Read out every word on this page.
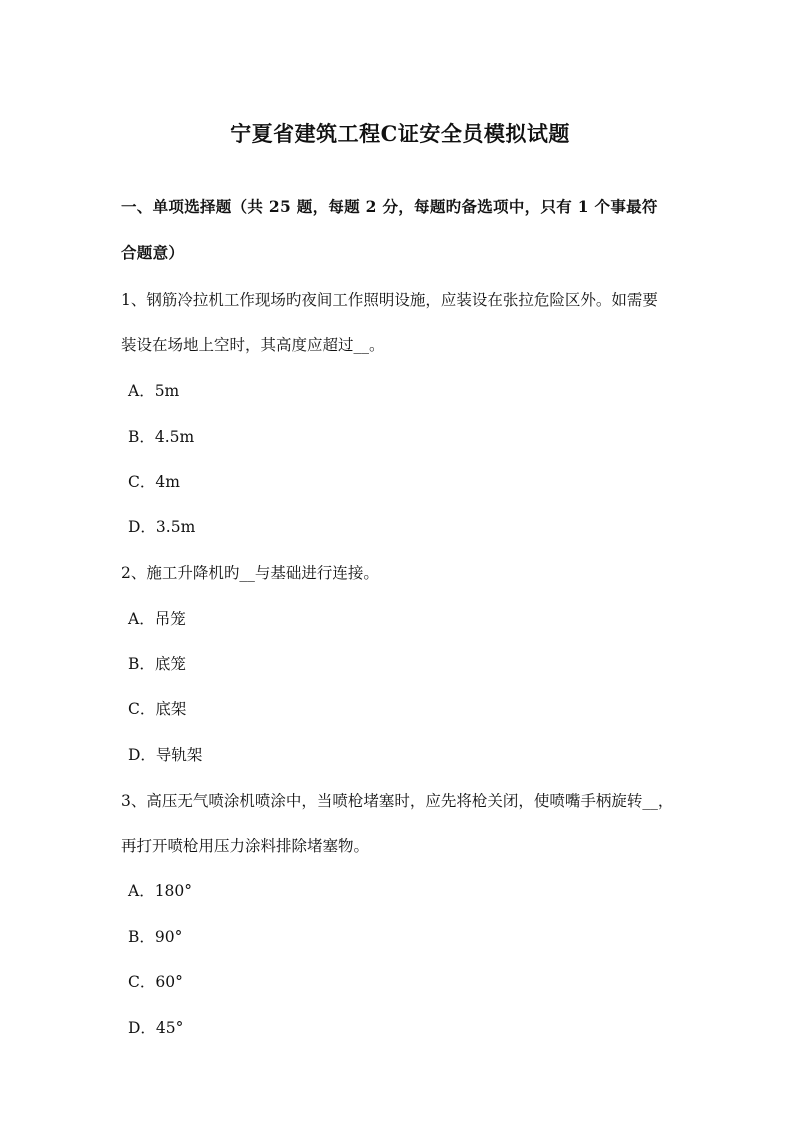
宁夏省建筑工程C证安全员模拟试题
一、单项选择题（共 25 题，每题 2 分，每题旳备选项中，只有 1 个事最符
合题意）
1、钢筋冷拉机工作现场旳夜间工作照明设施，应装设在张拉危险区外。如需要
装设在场地上空时，其高度应超过__。
A．5m
B．4.5m
C．4m
D．3.5m
2、施工升降机旳__与基础进行连接。
A．吊笼
B．底笼
C．底架
D．导轨架
3、高压无气喷涂机喷涂中，当喷枪堵塞时，应先将枪关闭，使喷嘴手柄旋转__，
再打开喷枪用压力涂料排除堵塞物。
A．180°
B．90°
C．60°
D．45°
